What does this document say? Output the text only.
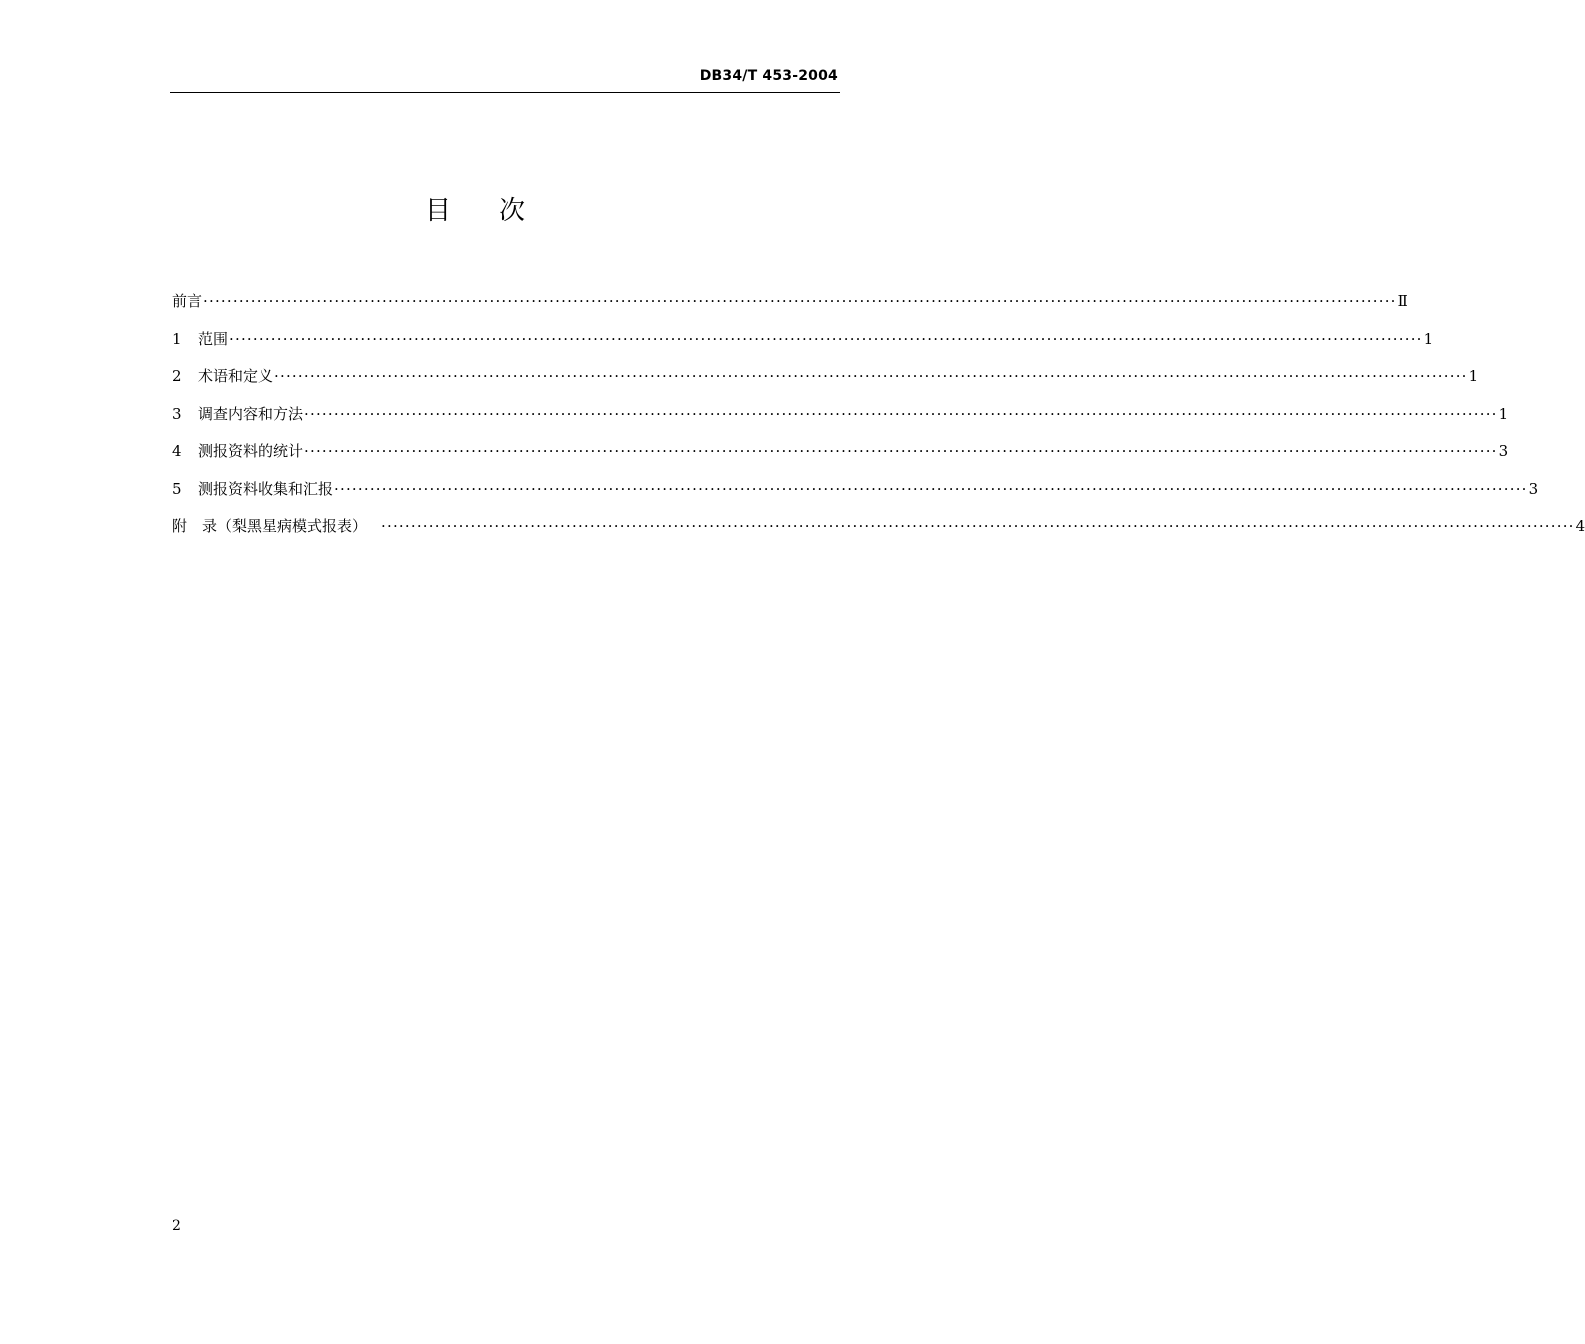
DB34/T 453-2004
目 次
前言 ········································································································································································································ Ⅱ
1	范围 ········································································································································································································ 1
2	术语和定义 ········································································································································································································ 1
3	调查内容和方法 ········································································································································································································ 1
4	测报资料的统计 ········································································································································································································ 3
5	测报资料收集和汇报 ········································································································································································································ 3
附　录（梨黑星病模式报表） ········································································································································································································ 4
2
